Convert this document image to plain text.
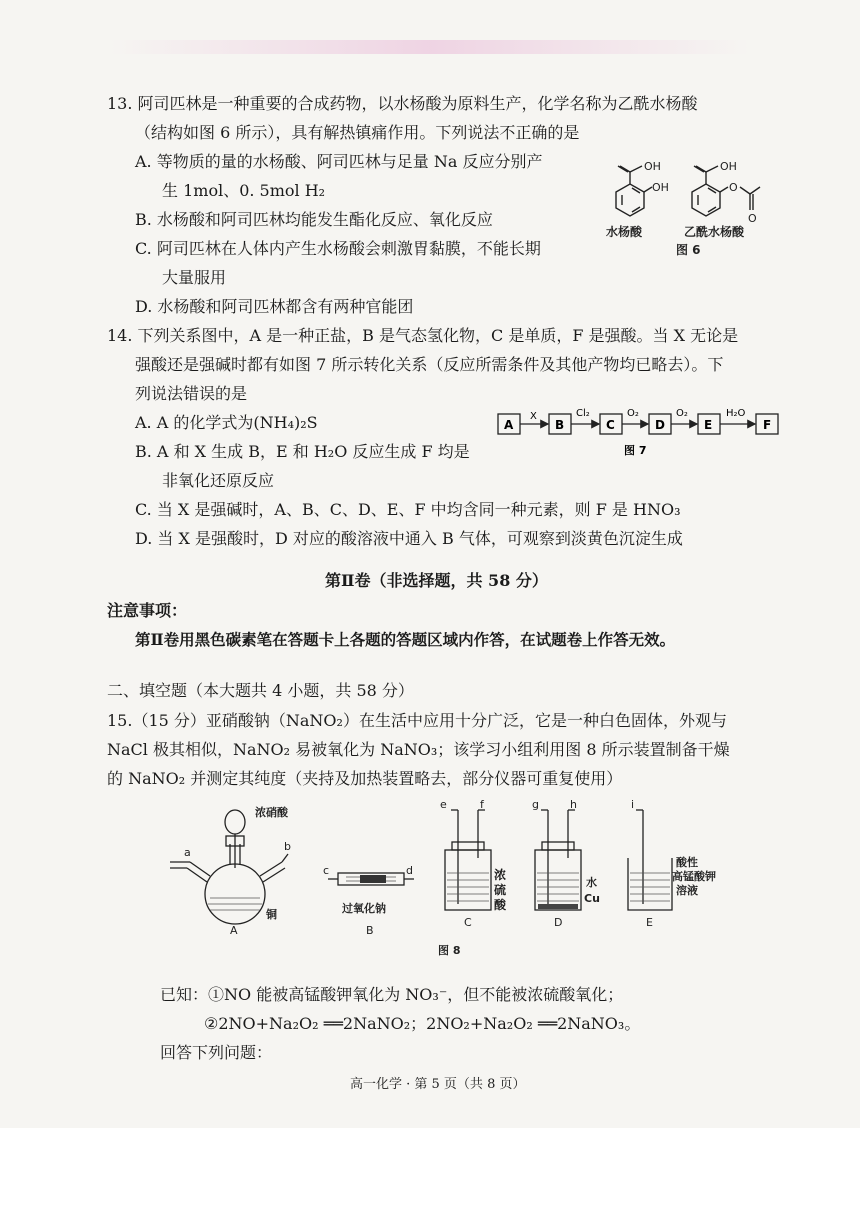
13. 阿司匹林是一种重要的合成药物，以水杨酸为原料生产，化学名称为乙酰水杨酸
（结构如图 6 所示），具有解热镇痛作用。下列说法不正确的是
A. 等物质的量的水杨酸、阿司匹林与足量 Na 反应分别产
生 1mol、0. 5mol H₂
B. 水杨酸和阿司匹林均能发生酯化反应、氧化反应
C. 阿司匹林在人体内产生水杨酸会刺激胃黏膜，不能长期
大量服用
D. 水杨酸和阿司匹林都含有两种官能团
OH
OH
OH
O
O
水杨酸	乙酰水杨酸
图 6
14. 下列关系图中，A 是一种正盐，B 是气态氢化物，C 是单质，F 是强酸。当 X 无论是
强酸还是强碱时都有如图 7 所示转化关系（反应所需条件及其他产物均已略去）。下
列说法错误的是
A. A 的化学式为(NH₄)₂S
B. A 和 X 生成 B，E 和 H₂O 反应生成 F 均是
非氧化还原反应
C. 当 X 是强碱时，A、B、C、D、E、F 中均含同一种元素，则 F 是 HNO₃
D. 当 X 是强酸时，D 对应的酸溶液中通入 B 气体，可观察到淡黄色沉淀生成
A	B	C	D	E	F
X	Cl₂	O₂	O₂	H₂O
图 7
第Ⅱ卷（非选择题，共 58 分）
注意事项：
第Ⅱ卷用黑色碳素笔在答题卡上各题的答题区域内作答，在试题卷上作答无效。
二、填空题（本大题共 4 小题，共 58 分）
15.（15 分）亚硝酸钠（NaNO₂）在生活中应用十分广泛，它是一种白色固体，外观与
NaCl 极其相似，NaNO₂ 易被氧化为 NaNO₃；该学习小组利用图 8 所示装置制备干燥
的 NaNO₂ 并测定其纯度（夹持及加热装置略去，部分仪器可重复使用）
a	b
c	d
e	f	g	h	i
浓硝酸
铜	过氧化钠
水
Cu
酸性
高锰酸钾
溶液
A	B
C	D	E
图 8
浓
硫
酸
已知：①NO 能被高锰酸钾氧化为 NO₃⁻，但不能被浓硫酸氧化；
②2NO+Na₂O₂ ══2NaNO₂；2NO₂+Na₂O₂ ══2NaNO₃。
回答下列问题：
高一化学 · 第 5 页（共 8 页）
